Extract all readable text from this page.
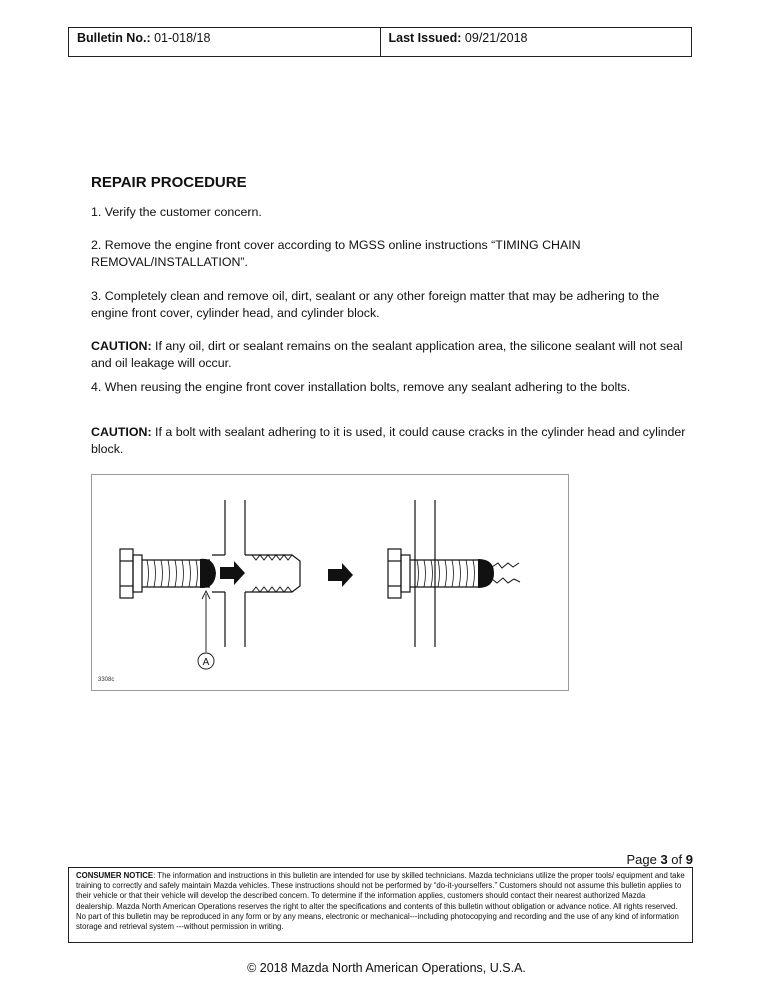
Bulletin No.: 01-018/18	Last Issued: 09/21/2018
REPAIR PROCEDURE

1. Verify the customer concern.

2. Remove the engine front cover according to MGSS online instructions “TIMING CHAIN REMOVAL/INSTALLATION”.

3. Completely clean and remove oil, dirt, sealant or any other foreign matter that may be adhering to the engine front cover, cylinder head, and cylinder block.

CAUTION: If any oil, dirt or sealant remains on the sealant application area, the silicone sealant will not seal and oil leakage will occur.

4. When reusing the engine front cover installation bolts, remove any sealant adhering to the bolts.

CAUTION: If a bolt with sealant adhering to it is used, it could cause cracks in the cylinder head and cylinder block.

A
3308c
Page 3 of 9
CONSUMER NOTICE: The information and instructions in this bulletin are intended for use by skilled technicians. Mazda technicians utilize the proper tools/ equipment and take training to correctly and safely maintain Mazda vehicles. These instructions should not be performed by “do-it-yourselfers.” Customers should not assume this bulletin applies to their vehicle or that their vehicle will develop the described concern. To determine if the information applies, customers should contact their nearest authorized Mazda dealership. Mazda North American Operations reserves the right to alter the specifications and contents of this bulletin without obligation or advance notice. All rights reserved. No part of this bulletin may be reproduced in any form or by any means, electronic or mechanical---including photocopying and recording and the use of any kind of information storage and retrieval system ---without permission in writing.
© 2018 Mazda North American Operations, U.S.A.
